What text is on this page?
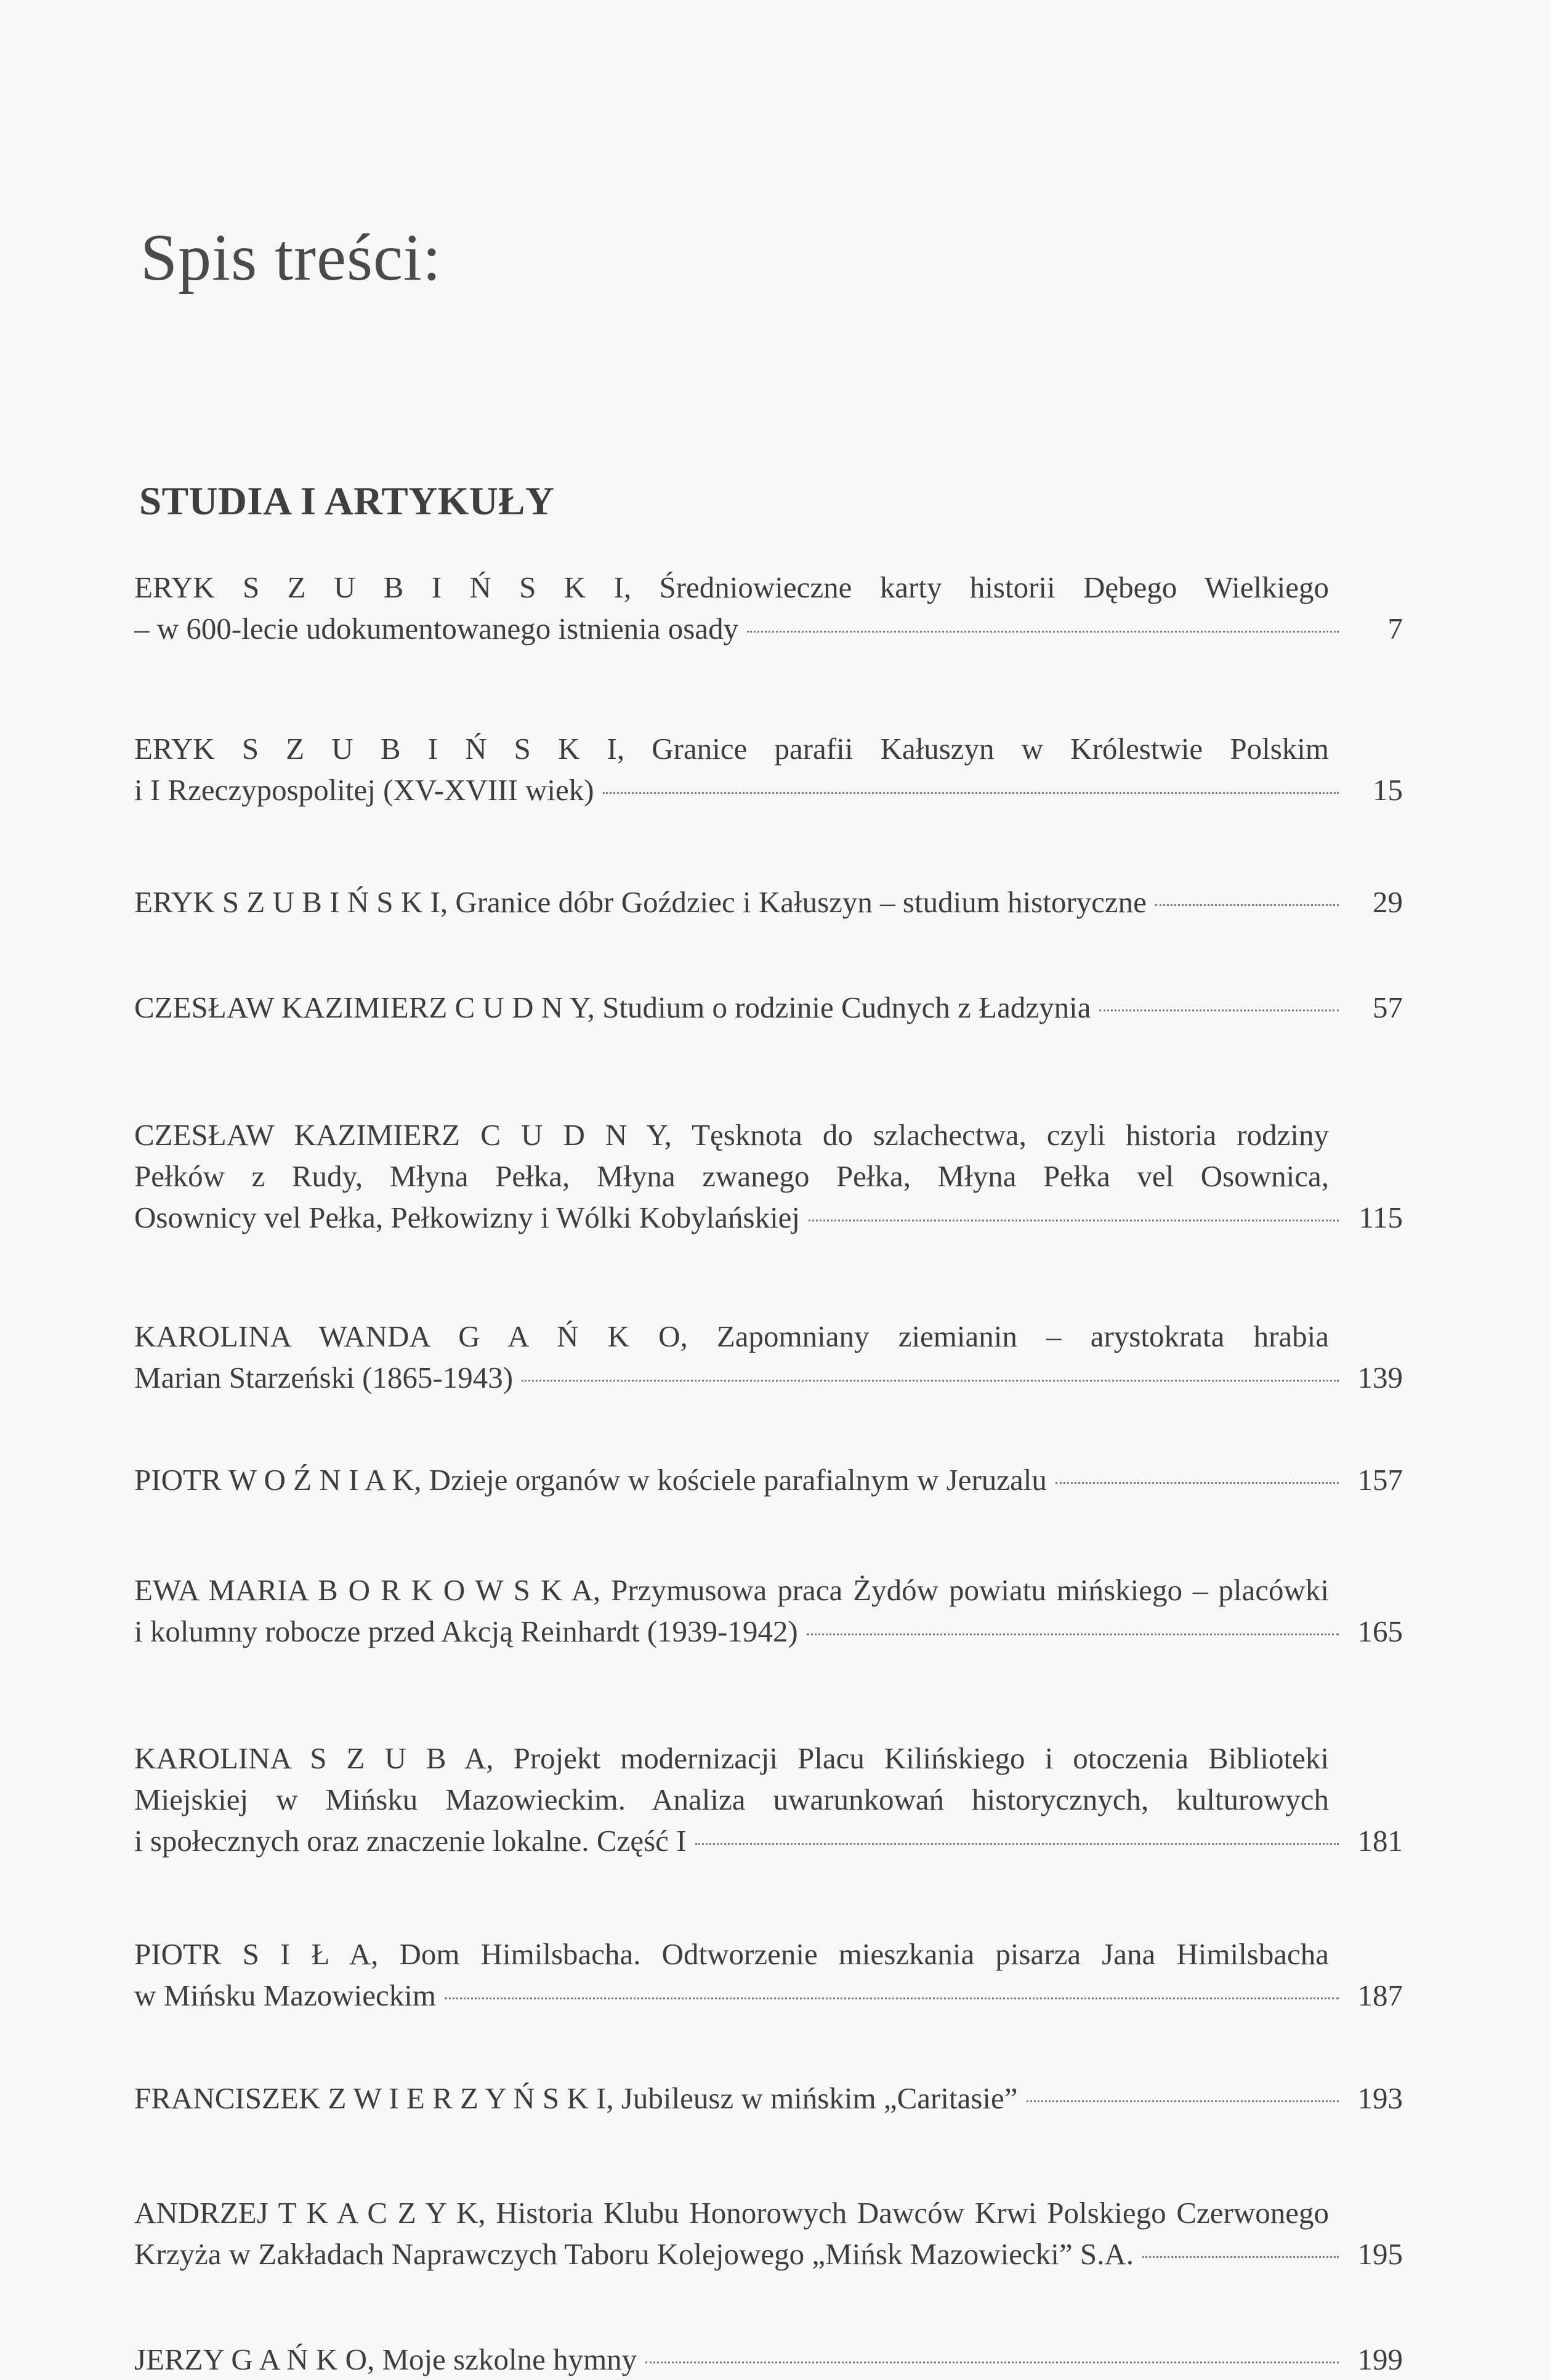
Spis treści:
STUDIA I ARTYKUŁY
ERYK S Z U B I Ń S K I, Średniowieczne karty historii Dębego Wielkiego
– w 600-lecie udokumentowanego istnienia osady	7
ERYK S Z U B I Ń S K I, Granice parafii Kałuszyn w Królestwie Polskim
i I Rzeczypospolitej (XV-XVIII wiek)	15
ERYK S Z U B I Ń S K I, Granice dóbr Goździec i Kałuszyn – studium historyczne	29
CZESŁAW KAZIMIERZ C U D N Y, Studium o rodzinie Cudnych z Ładzynia	57
CZESŁAW KAZIMIERZ C U D N Y, Tęsknota do szlachectwa, czyli historia rodziny
Pełków z Rudy, Młyna Pełka, Młyna zwanego Pełka, Młyna Pełka vel Osownica,
Osownicy vel Pełka, Pełkowizny i Wólki Kobylańskiej	115
KAROLINA WANDA G A Ń K O, Zapomniany ziemianin – arystokrata hrabia
Marian Starzeński (1865-1943)	139
PIOTR W O Ź N I A K, Dzieje organów w kościele parafialnym w Jeruzalu	157
EWA MARIA B O R K O W S K A, Przymusowa praca Żydów powiatu mińskiego – placówki
i kolumny robocze przed Akcją Reinhardt (1939-1942)	165
KAROLINA S Z U B A, Projekt modernizacji Placu Kilińskiego i otoczenia Biblioteki
Miejskiej w Mińsku Mazowieckim. Analiza uwarunkowań historycznych, kulturowych
i społecznych oraz znaczenie lokalne. Część I	181
PIOTR S I Ł A, Dom Himilsbacha. Odtworzenie mieszkania pisarza Jana Himilsbacha
w Mińsku Mazowieckim	187
FRANCISZEK Z W I E R Z Y Ń S K I, Jubileusz w mińskim „Caritasie”	193
ANDRZEJ T K A C Z Y K, Historia Klubu Honorowych Dawców Krwi Polskiego Czerwonego
Krzyża w Zakładach Naprawczych Taboru Kolejowego „Mińsk Mazowiecki” S.A.	195
JERZY G A Ń K O, Moje szkolne hymny	199
